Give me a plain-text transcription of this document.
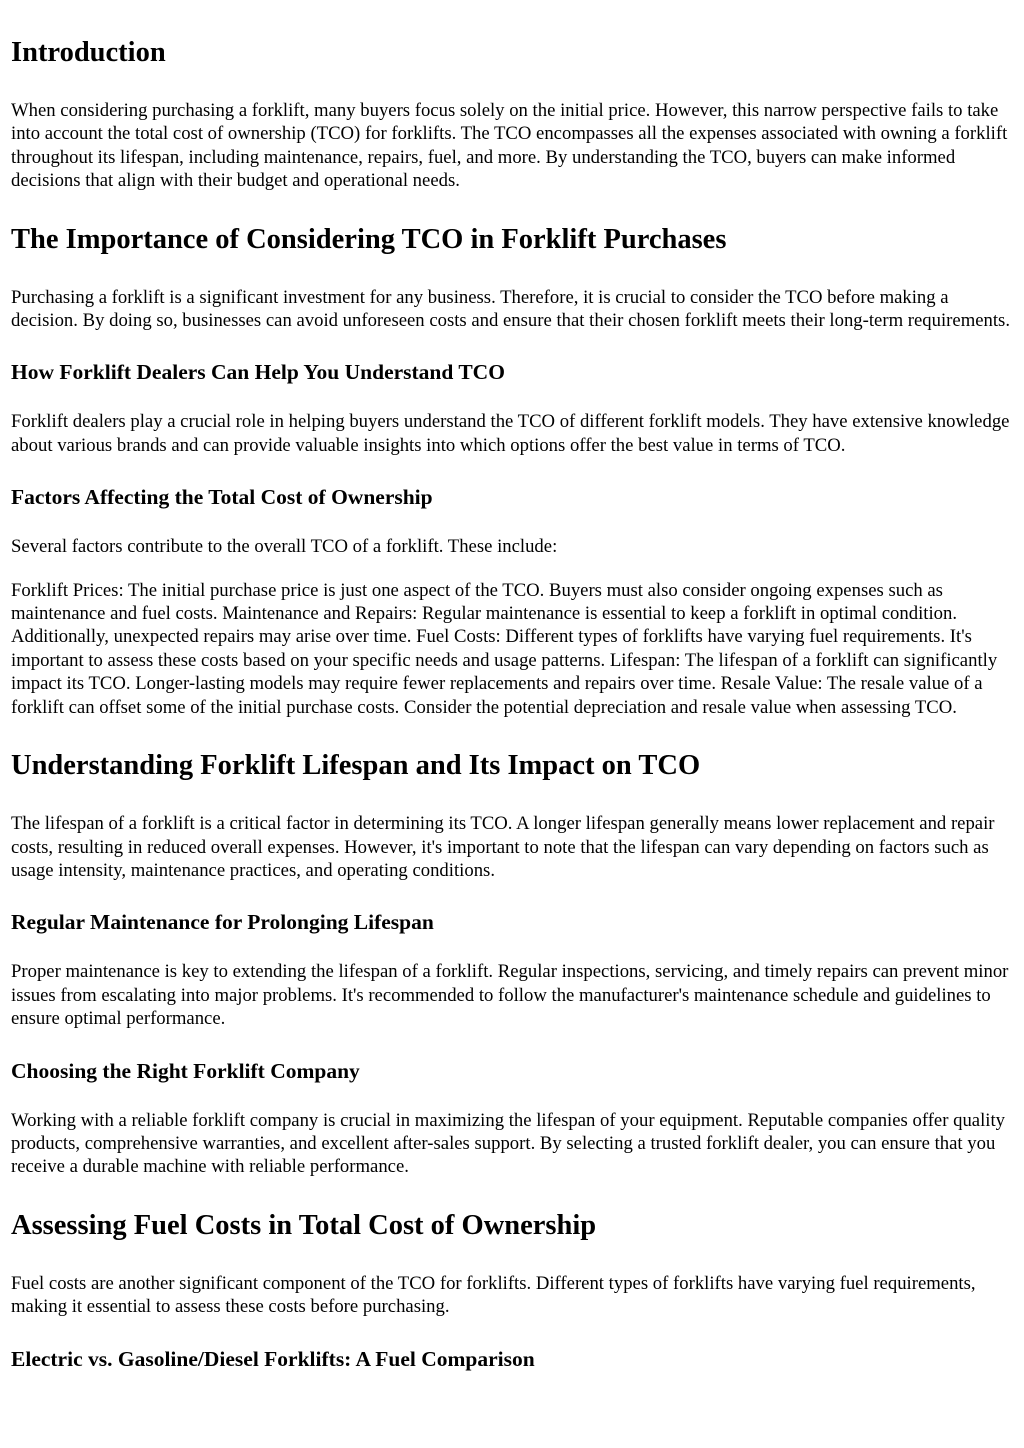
Introduction

When considering purchasing a forklift, many buyers focus solely on the initial price. However, this narrow perspective fails to take into account the total cost of ownership (TCO) for forklifts. The TCO encompasses all the expenses associated with owning a forklift throughout its lifespan, including maintenance, repairs, fuel, and more. By understanding the TCO, buyers can make informed decisions that align with their budget and operational needs.

The Importance of Considering TCO in Forklift Purchases

Purchasing a forklift is a significant investment for any business. Therefore, it is crucial to consider the TCO before making a decision. By doing so, businesses can avoid unforeseen costs and ensure that their chosen forklift meets their long-term requirements.

How Forklift Dealers Can Help You Understand TCO

Forklift dealers play a crucial role in helping buyers understand the TCO of different forklift models. They have extensive knowledge about various brands and can provide valuable insights into which options offer the best value in terms of TCO.

Factors Affecting the Total Cost of Ownership

Several factors contribute to the overall TCO of a forklift. These include:

Forklift Prices: The initial purchase price is just one aspect of the TCO. Buyers must also consider ongoing expenses such as maintenance and fuel costs. Maintenance and Repairs: Regular maintenance is essential to keep a forklift in optimal condition. Additionally, unexpected repairs may arise over time. Fuel Costs: Different types of forklifts have varying fuel requirements. It's important to assess these costs based on your specific needs and usage patterns. Lifespan: The lifespan of a forklift can significantly impact its TCO. Longer-lasting models may require fewer replacements and repairs over time. Resale Value: The resale value of a forklift can offset some of the initial purchase costs. Consider the potential depreciation and resale value when assessing TCO.

Understanding Forklift Lifespan and Its Impact on TCO

The lifespan of a forklift is a critical factor in determining its TCO. A longer lifespan generally means lower replacement and repair costs, resulting in reduced overall expenses. However, it's important to note that the lifespan can vary depending on factors such as usage intensity, maintenance practices, and operating conditions.

Regular Maintenance for Prolonging Lifespan

Proper maintenance is key to extending the lifespan of a forklift. Regular inspections, servicing, and timely repairs can prevent minor issues from escalating into major problems. It's recommended to follow the manufacturer's maintenance schedule and guidelines to ensure optimal performance.

Choosing the Right Forklift Company

Working with a reliable forklift company is crucial in maximizing the lifespan of your equipment. Reputable companies offer quality products, comprehensive warranties, and excellent after-sales support. By selecting a trusted forklift dealer, you can ensure that you receive a durable machine with reliable performance.

Assessing Fuel Costs in Total Cost of Ownership

Fuel costs are another significant component of the TCO for forklifts. Different types of forklifts have varying fuel requirements, making it essential to assess these costs before purchasing.

Electric vs. Gasoline/Diesel Forklifts: A Fuel Comparison
